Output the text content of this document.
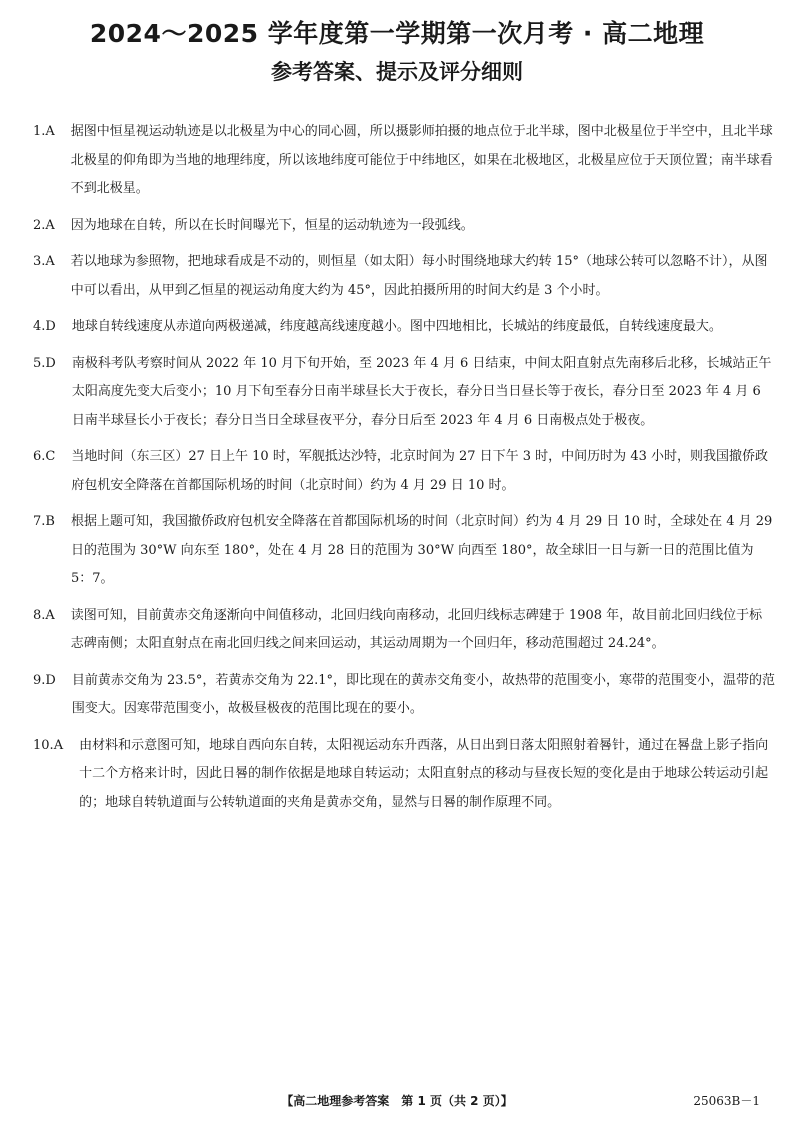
2024～2025 学年度第一学期第一次月考 · 高二地理
参考答案、提示及评分细则
1.A	据图中恒星视运动轨迹是以北极星为中心的同心圆，所以摄影师拍摄的地点位于北半球，图中北极星位于半空中，且北半球北极星的仰角即为当地的地理纬度，所以该地纬度可能位于中纬地区，如果在北极地区，北极星应位于天顶位置；南半球看不到北极星。
2.A	因为地球在自转，所以在长时间曝光下，恒星的运动轨迹为一段弧线。
3.A	若以地球为参照物，把地球看成是不动的，则恒星（如太阳）每小时围绕地球大约转 15°（地球公转可以忽略不计），从图中可以看出，从甲到乙恒星的视运动角度大约为 45°，因此拍摄所用的时间大约是 3 个小时。
4.D	地球自转线速度从赤道向两极递减，纬度越高线速度越小。图中四地相比，长城站的纬度最低，自转线速度最大。
5.D	南极科考队考察时间从 2022 年 10 月下旬开始，至 2023 年 4 月 6 日结束，中间太阳直射点先南移后北移，长城站正午太阳高度先变大后变小；10 月下旬至春分日南半球昼长大于夜长，春分日当日昼长等于夜长，春分日至 2023 年 4 月 6 日南半球昼长小于夜长；春分日当日全球昼夜平分，春分日后至 2023 年 4 月 6 日南极点处于极夜。
6.C	当地时间（东三区）27 日上午 10 时，军舰抵达沙特，北京时间为 27 日下午 3 时，中间历时为 43 小时，则我国撤侨政府包机安全降落在首都国际机场的时间（北京时间）约为 4 月 29 日 10 时。
7.B	根据上题可知，我国撤侨政府包机安全降落在首都国际机场的时间（北京时间）约为 4 月 29 日 10 时，全球处在 4 月 29 日的范围为 30°W 向东至 180°，处在 4 月 28 日的范围为 30°W 向西至 180°，故全球旧一日与新一日的范围比值为 5：7。
8.A	读图可知，目前黄赤交角逐渐向中间值移动，北回归线向南移动，北回归线标志碑建于 1908 年，故目前北回归线位于标志碑南侧；太阳直射点在南北回归线之间来回运动，其运动周期为一个回归年，移动范围超过 24.24°。
9.D	目前黄赤交角为 23.5°，若黄赤交角为 22.1°，即比现在的黄赤交角变小，故热带的范围变小，寒带的范围变小，温带的范围变大。因寒带范围变小，故极昼极夜的范围比现在的要小。
10.A	由材料和示意图可知，地球自西向东自转，太阳视运动东升西落，从日出到日落太阳照射着晷针，通过在晷盘上影子指向十二个方格来计时，因此日晷的制作依据是地球自转运动；太阳直射点的移动与昼夜长短的变化是由于地球公转运动引起的；地球自转轨道面与公转轨道面的夹角是黄赤交角，显然与日晷的制作原理不同。
【高二地理参考答案　第 1 页（共 2 页）】	25063B－1
